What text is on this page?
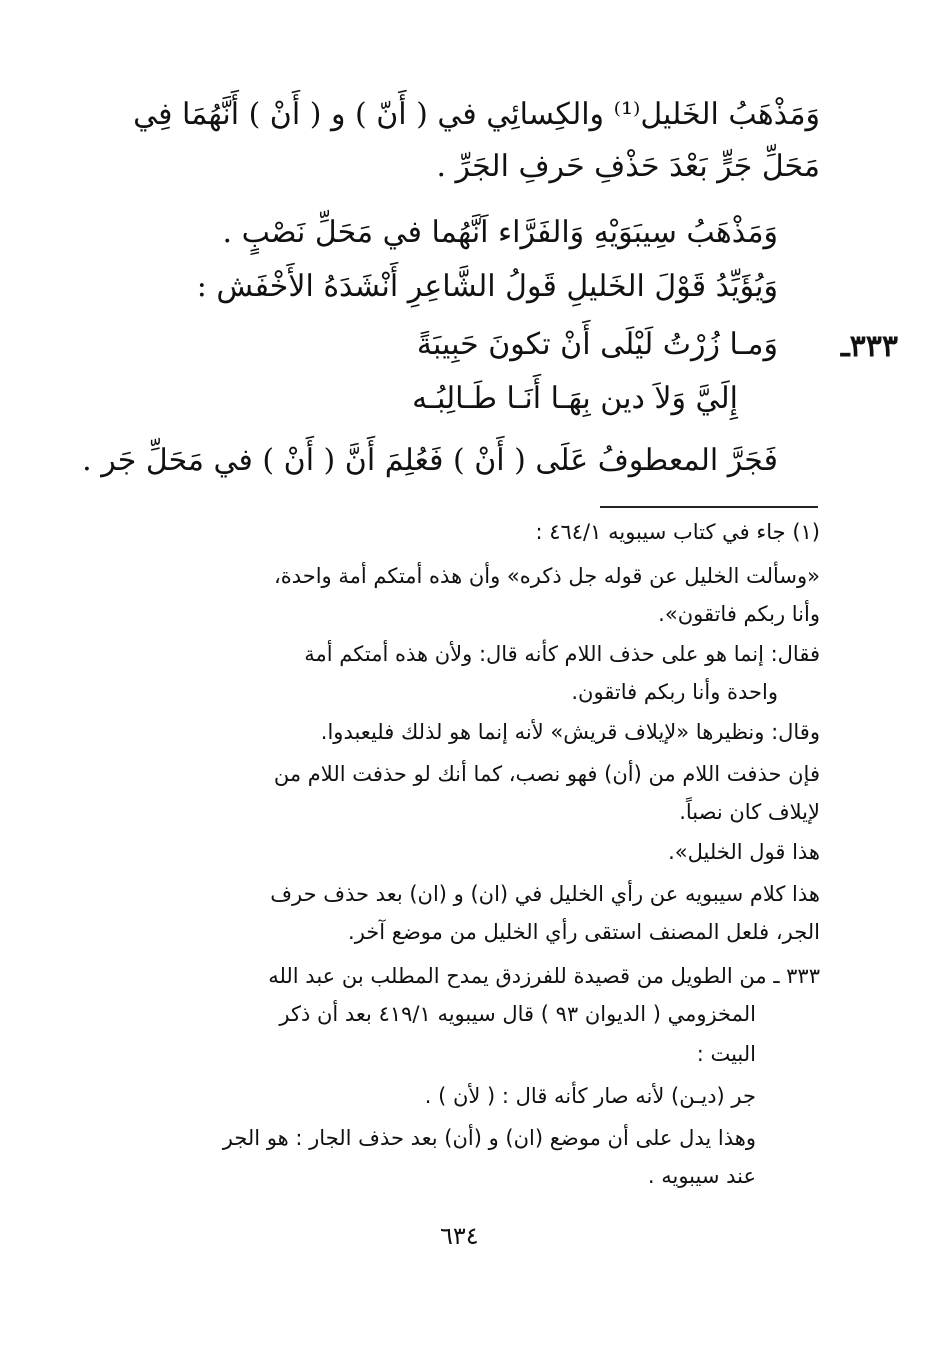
وَمَذْهَبُ الخَليل⁽¹⁾ والكِسائِي في ( أَنّ ) و ( أَنْ ) أَنَّهُمَا فِي

مَحَلِّ جَرٍّ بَعْدَ حَذْفِ حَرفِ الجَرِّ .

وَمَذْهَبُ سِيبَوَيْهِ وَالفَرَّاء اَنَّهُما في مَحَلِّ نَصْبٍ .

وَيُؤَيِّدُ قَوْلَ الخَليلِ قَولُ الشَّاعِرِ أَنْشَدَهُ الأَخْفَش :

٣٣٣ـ

وَمـا زُرْتُ لَيْلَى أَنْ تكونَ حَبِيبَةً

إِلَيَّ وَلاَ دين بِهَـا أَنَـا طَـالِبُـه

فَجَرَّ المعطوفُ عَلَى ( أَنْ ) فَعُلِمَ أَنَّ ( أَنْ ) في مَحَلِّ جَر .

(١) جاء في كتاب سيبويه ٤٦٤/١ :

«وسألت الخليل عن قوله جل ذكره» وأن هذه أمتكم أمة واحدة،

وأنا ربكم فاتقون».

فقال: إنما هو على حذف اللام كأنه قال: ولأن هذه أمتكم أمة

واحدة وأنا ربكم فاتقون.

وقال: ونظيرها «لإيلاف قريش» لأنه إنما هو لذلك فليعبدوا.

فإن حذفت اللام من (أن) فهو نصب، كما أنك لو حذفت اللام من

لإيلاف كان نصباً.

هذا قول الخليل».

هذا كلام سيبويه عن رأي الخليل في (ان) و (ان) بعد حذف حرف

الجر، فلعل المصنف استقى رأي الخليل من موضع آخر.

٣٣٣ ـ من الطويل من قصيدة للفرزدق يمدح المطلب بن عبد الله

المخزومي ( الديوان ٩٣ ) قال سيبويه ٤١٩/١ بعد أن ذكر

البيت :

جر (ديـن) لأنه صار كأنه قال : ( لأن ) .

وهذا يدل على أن موضع (ان) و (أن) بعد حذف الجار : هو الجر

عند سيبويه .

٦٣٤
